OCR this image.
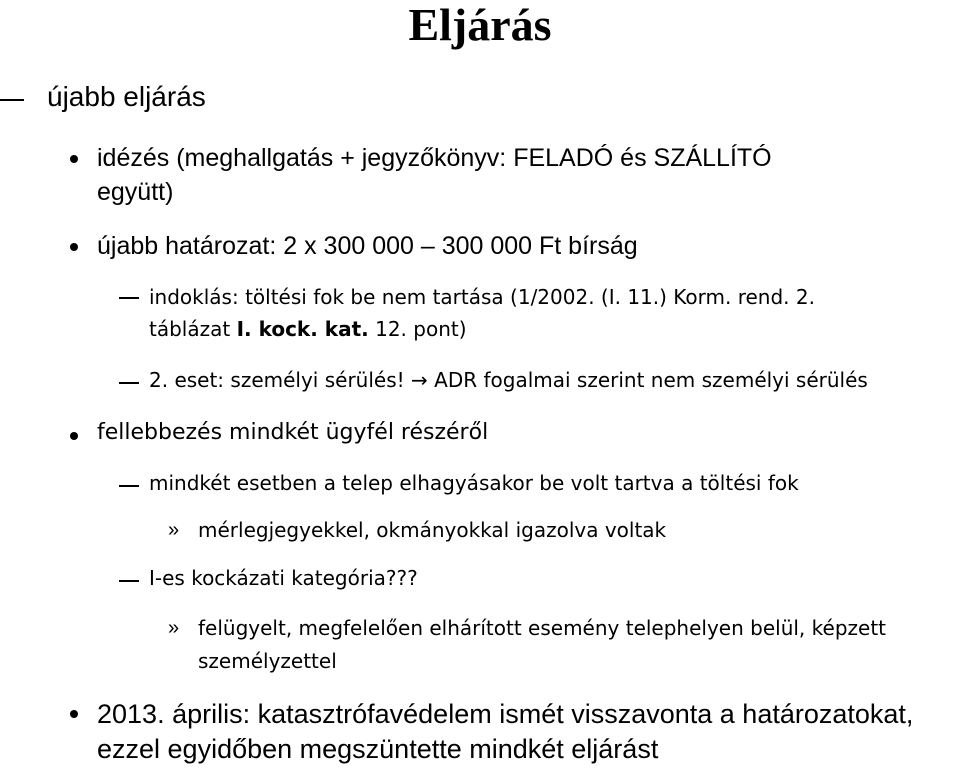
Eljárás

újabb eljárás

idézés (meghallgatás + jegyzőkönyv: FELADÓ és SZÁLLÍTÓ

együtt)

újabb határozat: 2 x 300 000 – 300 000 Ft bírság

indoklás: töltési fok be nem tartása (1/2002. (I. 11.) Korm. rend. 2.

táblázat I. kock. kat. 12. pont)

2. eset: személyi sérülés! → ADR fogalmai szerint nem személyi sérülés

fellebbezés mindkét ügyfél részéről

mindkét esetben a telep elhagyásakor be volt tartva a töltési fok

» mérlegjegyekkel, okmányokkal igazolva voltak

I-es kockázati kategória???

» felügyelt, megfelelően elhárított esemény telephelyen belül, képzett

személyzettel

2013. április: katasztrófavédelem ismét visszavonta a határozatokat,

ezzel egyidőben megszüntette mindkét eljárást
